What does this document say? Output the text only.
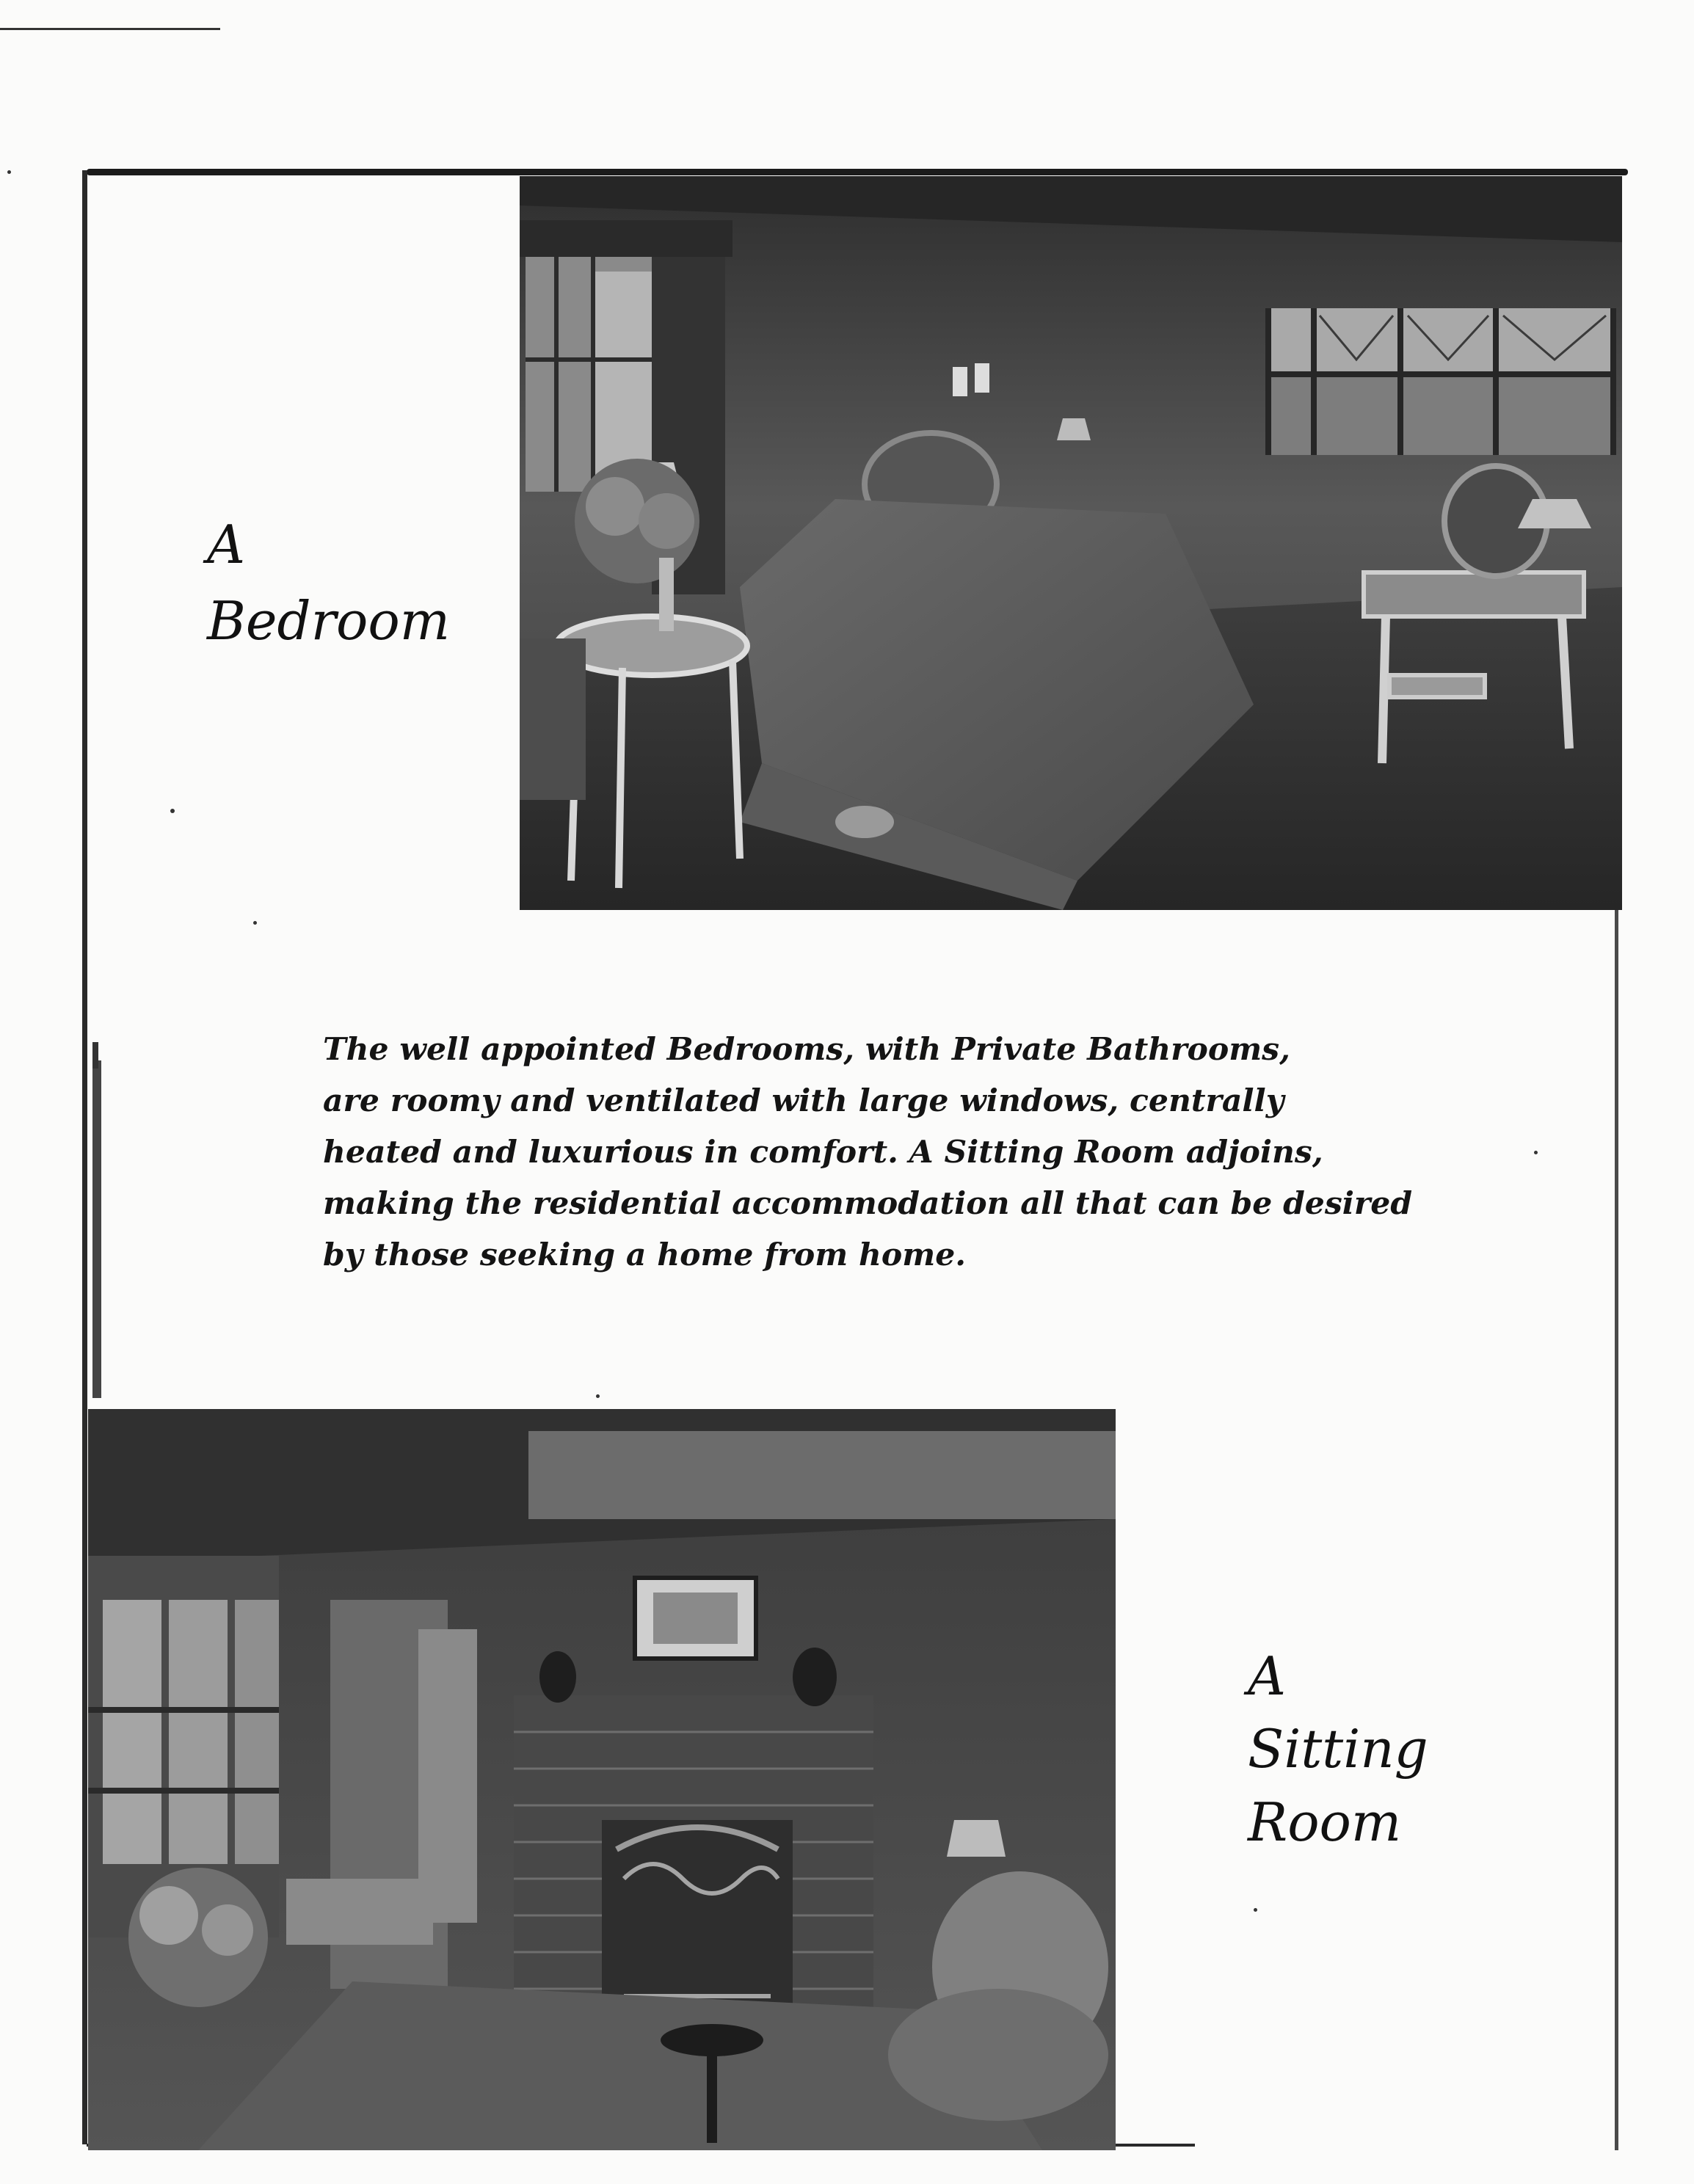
A
Bedroom
The well appointed Bedrooms, with Private Bathrooms,
are roomy and ventilated with large windows, centrally
heated and luxurious in comfort. A Sitting Room adjoins,
making the residential accommodation all that can be desired
by those seeking a home from home.
A
Sitting
Room
